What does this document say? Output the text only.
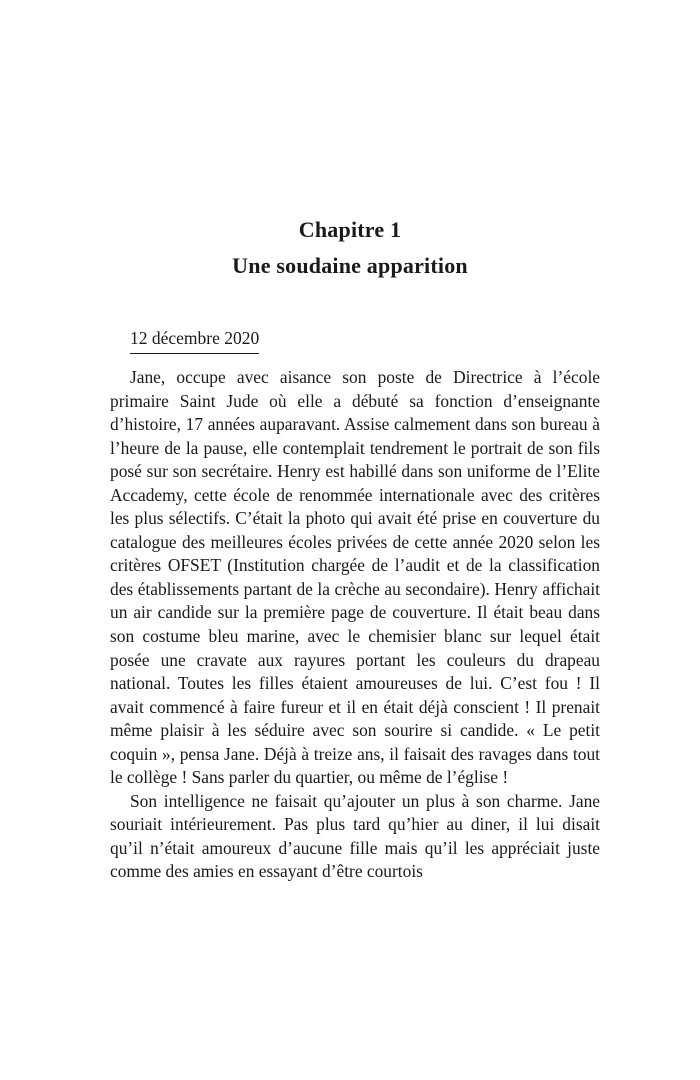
Chapitre 1
Une soudaine apparition
12 décembre 2020

Jane, occupe avec aisance son poste de Directrice à l’école primaire Saint Jude où elle a débuté sa fonction d’enseignante d’histoire, 17 années auparavant. Assise calmement dans son bureau à l’heure de la pause, elle contemplait tendrement le portrait de son fils posé sur son secrétaire. Henry est habillé dans son uniforme de l’Elite Accademy, cette école de renommée internationale avec des critères les plus sélectifs. C’était la photo qui avait été prise en couverture du catalogue des meilleures écoles privées de cette année 2020 selon les critères OFSET (Institution chargée de l’audit et de la classification des établissements partant de la crèche au secondaire). Henry affichait un air candide sur la première page de couverture. Il était beau dans son costume bleu marine, avec le chemisier blanc sur lequel était posée une cravate aux rayures portant les couleurs du drapeau national. Toutes les filles étaient amoureuses de lui. C’est fou ! Il avait commencé à faire fureur et il en était déjà conscient ! Il prenait même plaisir à les séduire avec son sourire si candide. « Le petit coquin », pensa Jane. Déjà à treize ans, il faisait des ravages dans tout le collège ! Sans parler du quartier, ou même de l’église !

Son intelligence ne faisait qu’ajouter un plus à son charme. Jane souriait intérieurement. Pas plus tard qu’hier au diner, il lui disait qu’il n’était amoureux d’aucune fille mais qu’il les appréciait juste comme des amies en essayant d’être courtois
